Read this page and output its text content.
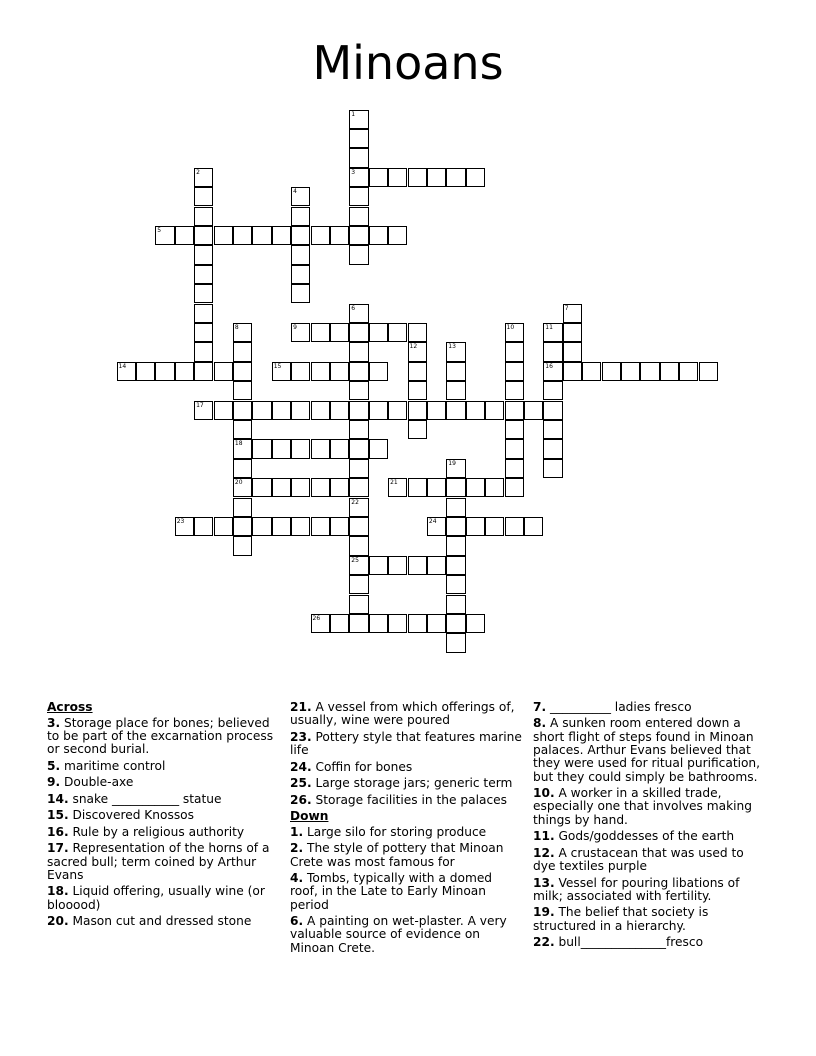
Minoans
1
3
2
4
5
6
22
25
7
8
18
20
9	10	11
16
12	13
14	15
17
19
21
23	24
26
Across
3. Storage place for bones; believed to be part of the excarnation process or second burial.
5. maritime control
9. Double-axe
14. snake ___________ statue
15. Discovered Knossos
16. Rule by a religious authority
17. Representation of the horns of a sacred bull; term coined by Arthur Evans
18. Liquid offering, usually wine (or blooood)
20. Mason cut and dressed stone
21. A vessel from which offerings of, usually, wine were poured
23. Pottery style that features marine life
24. Coffin for bones
25. Large storage jars; generic term
26. Storage facilities in the palaces
Down
1. Large silo for storing produce
2. The style of pottery that Minoan Crete was most famous for
4. Tombs, typically with a domed roof, in the Late to Early Minoan period
6. A painting on wet-plaster. A very valuable source of evidence on Minoan Crete.
7. __________ ladies fresco
8. A sunken room entered down a short flight of steps found in Minoan palaces. Arthur Evans believed that they were used for ritual purification, but they could simply be bathrooms.
10. A worker in a skilled trade, especially one that involves making things by hand.
11. Gods/goddesses of the earth
12. A crustacean that was used to dye textiles purple
13. Vessel for pouring libations of milk; associated with fertility.
19. The belief that society is structured in a hierarchy.
22. bull______________fresco
